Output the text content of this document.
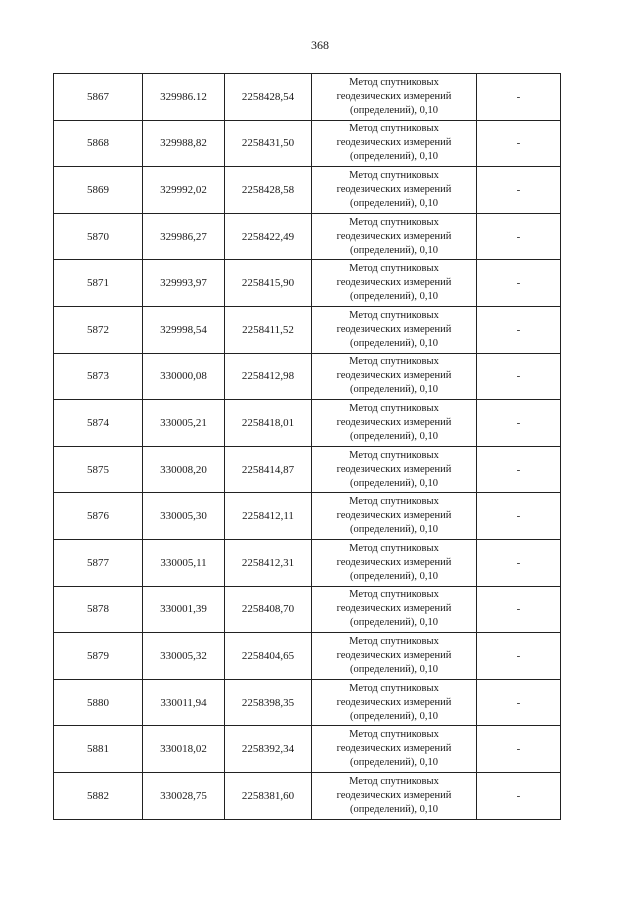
368
5867	329986.12	2258428,54	Метод спутниковых
геодезических измерений
(определений), 0,10	-
5868	329988,82	2258431,50	Метод спутниковых
геодезических измерений
(определений), 0,10	-
5869	329992,02	2258428,58	Метод спутниковых
геодезических измерений
(определений), 0,10	-
5870	329986,27	2258422,49	Метод спутниковых
геодезических измерений
(определений), 0,10	-
5871	329993,97	2258415,90	Метод спутниковых
геодезических измерений
(определений), 0,10	-
5872	329998,54	2258411,52	Метод спутниковых
геодезических измерений
(определений), 0,10	-
5873	330000,08	2258412,98	Метод спутниковых
геодезических измерений
(определений), 0,10	-
5874	330005,21	2258418,01	Метод спутниковых
геодезических измерений
(определений), 0,10	-
5875	330008,20	2258414,87	Метод спутниковых
геодезических измерений
(определений), 0,10	-
5876	330005,30	2258412,11	Метод спутниковых
геодезических измерений
(определений), 0,10	-
5877	330005,11	2258412,31	Метод спутниковых
геодезических измерений
(определений), 0,10	-
5878	330001,39	2258408,70	Метод спутниковых
геодезических измерений
(определений), 0,10	-
5879	330005,32	2258404,65	Метод спутниковых
геодезических измерений
(определений), 0,10	-
5880	330011,94	2258398,35	Метод спутниковых
геодезических измерений
(определений), 0,10	-
5881	330018,02	2258392,34	Метод спутниковых
геодезических измерений
(определений), 0,10	-
5882	330028,75	2258381,60	Метод спутниковых
геодезических измерений
(определений), 0,10	-
